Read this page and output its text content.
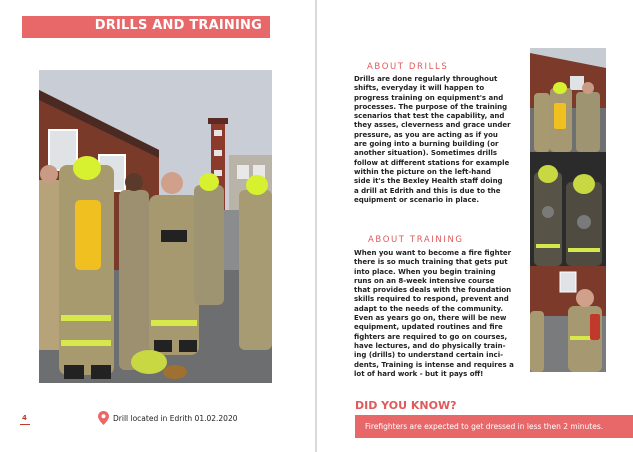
DRILLS AND TRAINING
Drill located in Edrith 01.02.2020
4
ABOUT DRILLS
Drills are done regularly throughout
shifts, everyday it will happen to
progress training on equipment's and
processes. The purpose of the training
scenarios that test the capability, and
they asses, cleverness and grace under
pressure, as you are acting as if you
are going into a burning building (or
another situation). Sometimes drills
follow at different stations for example
within the picture on the left-hand
side it's the Bexley Health staff doing
a drill at Edrith and this is due to the
equipment or scenario in place.
ABOUT TRAINING
When you want to become a fire fighter
there is so much training that gets put
into place. When you begin training
runs on an 8-week intensive course
that provides deals with the foundation
skills required to respond, prevent and
adapt to the needs of the community.
Even as years go on, there will be new
equipment, updated routines and fire
fighters are required to go on courses,
have lectures, and do physically train-
ing (drills) to understand certain inci-
dents, Training is intense and requires a
lot of hard work - but it pays off!
DID YOU KNOW?
Firefighters are expected to get dressed in less then 2 minutes.
